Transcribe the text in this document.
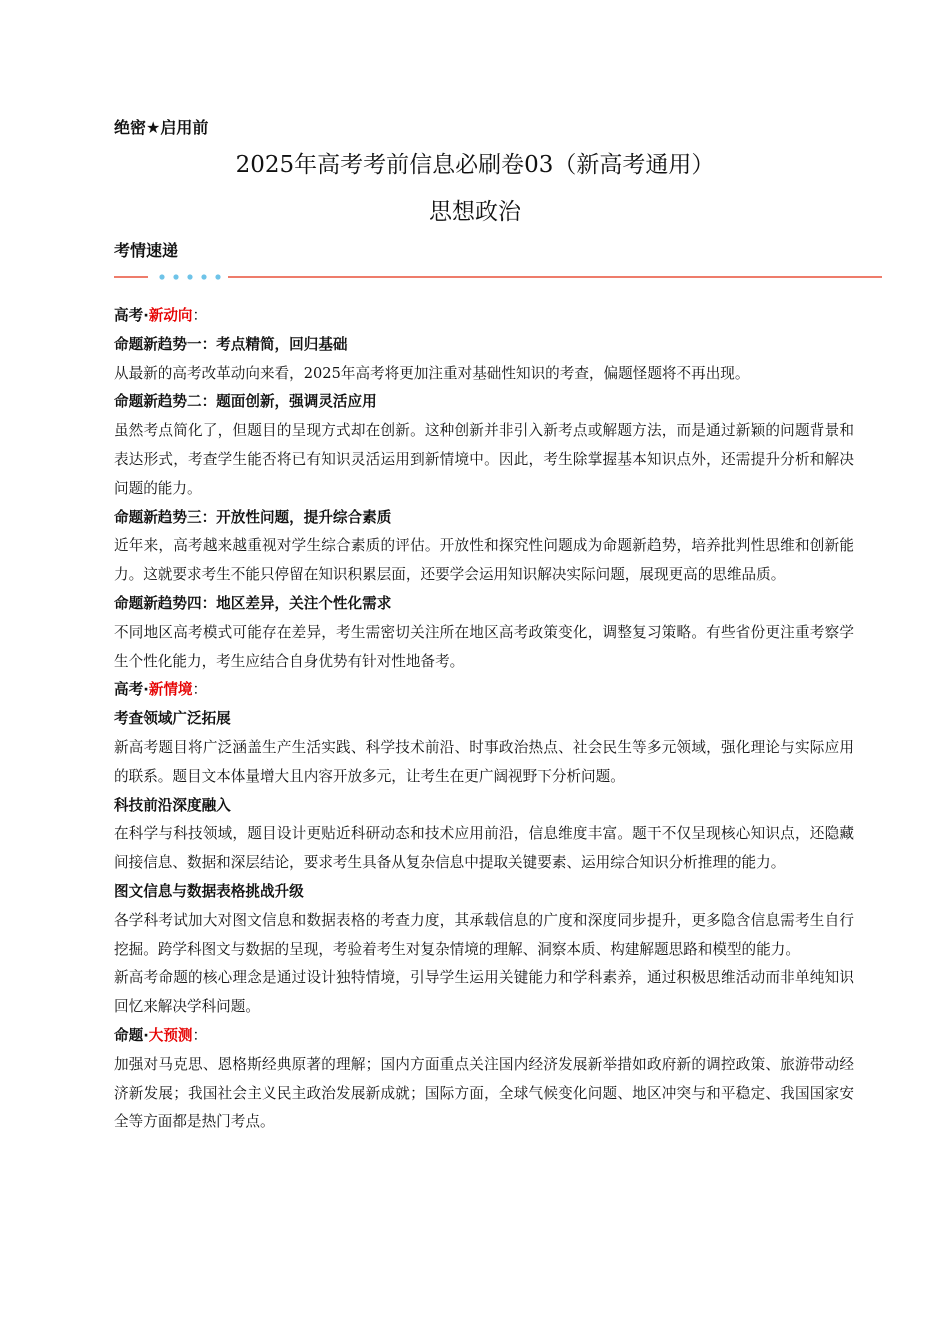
绝密★启用前
2025年高考考前信息必刷卷03（新高考通用）
思想政治
考情速递
高考·新动向：
命题新趋势一：考点精简，回归基础

从最新的高考改革动向来看，2025年高考将更加注重对基础性知识的考查，偏题怪题将不再出现。

命题新趋势二：题面创新，强调灵活应用

虽然考点简化了，但题目的呈现方式却在创新。这种创新并非引入新考点或解题方法，而是通过新颖的问题背景和表达形式，考查学生能否将已有知识灵活运用到新情境中。因此，考生除掌握基本知识点外，还需提升分析和解决问题的能力。

命题新趋势三：开放性问题，提升综合素质

近年来，高考越来越重视对学生综合素质的评估。开放性和探究性问题成为命题新趋势，培养批判性思维和创新能力。这就要求考生不能只停留在知识积累层面，还要学会运用知识解决实际问题，展现更高的思维品质。

命题新趋势四：地区差异，关注个性化需求

不同地区高考模式可能存在差异，考生需密切关注所在地区高考政策变化，调整复习策略。有些省份更注重考察学生个性化能力，考生应结合自身优势有针对性地备考。

高考·新情境：
考查领域广泛拓展

新高考题目将广泛涵盖生产生活实践、科学技术前沿、时事政治热点、社会民生等多元领域，强化理论与实际应用的联系。题目文本体量增大且内容开放多元，让考生在更广阔视野下分析问题。

科技前沿深度融入

在科学与科技领域，题目设计更贴近科研动态和技术应用前沿，信息维度丰富。题干不仅呈现核心知识点，还隐藏间接信息、数据和深层结论，要求考生具备从复杂信息中提取关键要素、运用综合知识分析推理的能力。

图文信息与数据表格挑战升级

各学科考试加大对图文信息和数据表格的考查力度，其承载信息的广度和深度同步提升，更多隐含信息需考生自行挖掘。跨学科图文与数据的呈现，考验着考生对复杂情境的理解、洞察本质、构建解题思路和模型的能力。

新高考命题的核心理念是通过设计独特情境，引导学生运用关键能力和学科素养，通过积极思维活动而非单纯知识回忆来解决学科问题。

命题·大预测：

加强对马克思、恩格斯经典原著的理解；国内方面重点关注国内经济发展新举措如政府新的调控政策、旅游带动经济新发展；我国社会主义民主政治发展新成就；国际方面，全球气候变化问题、地区冲突与和平稳定、我国国家安全等方面都是热门考点。
